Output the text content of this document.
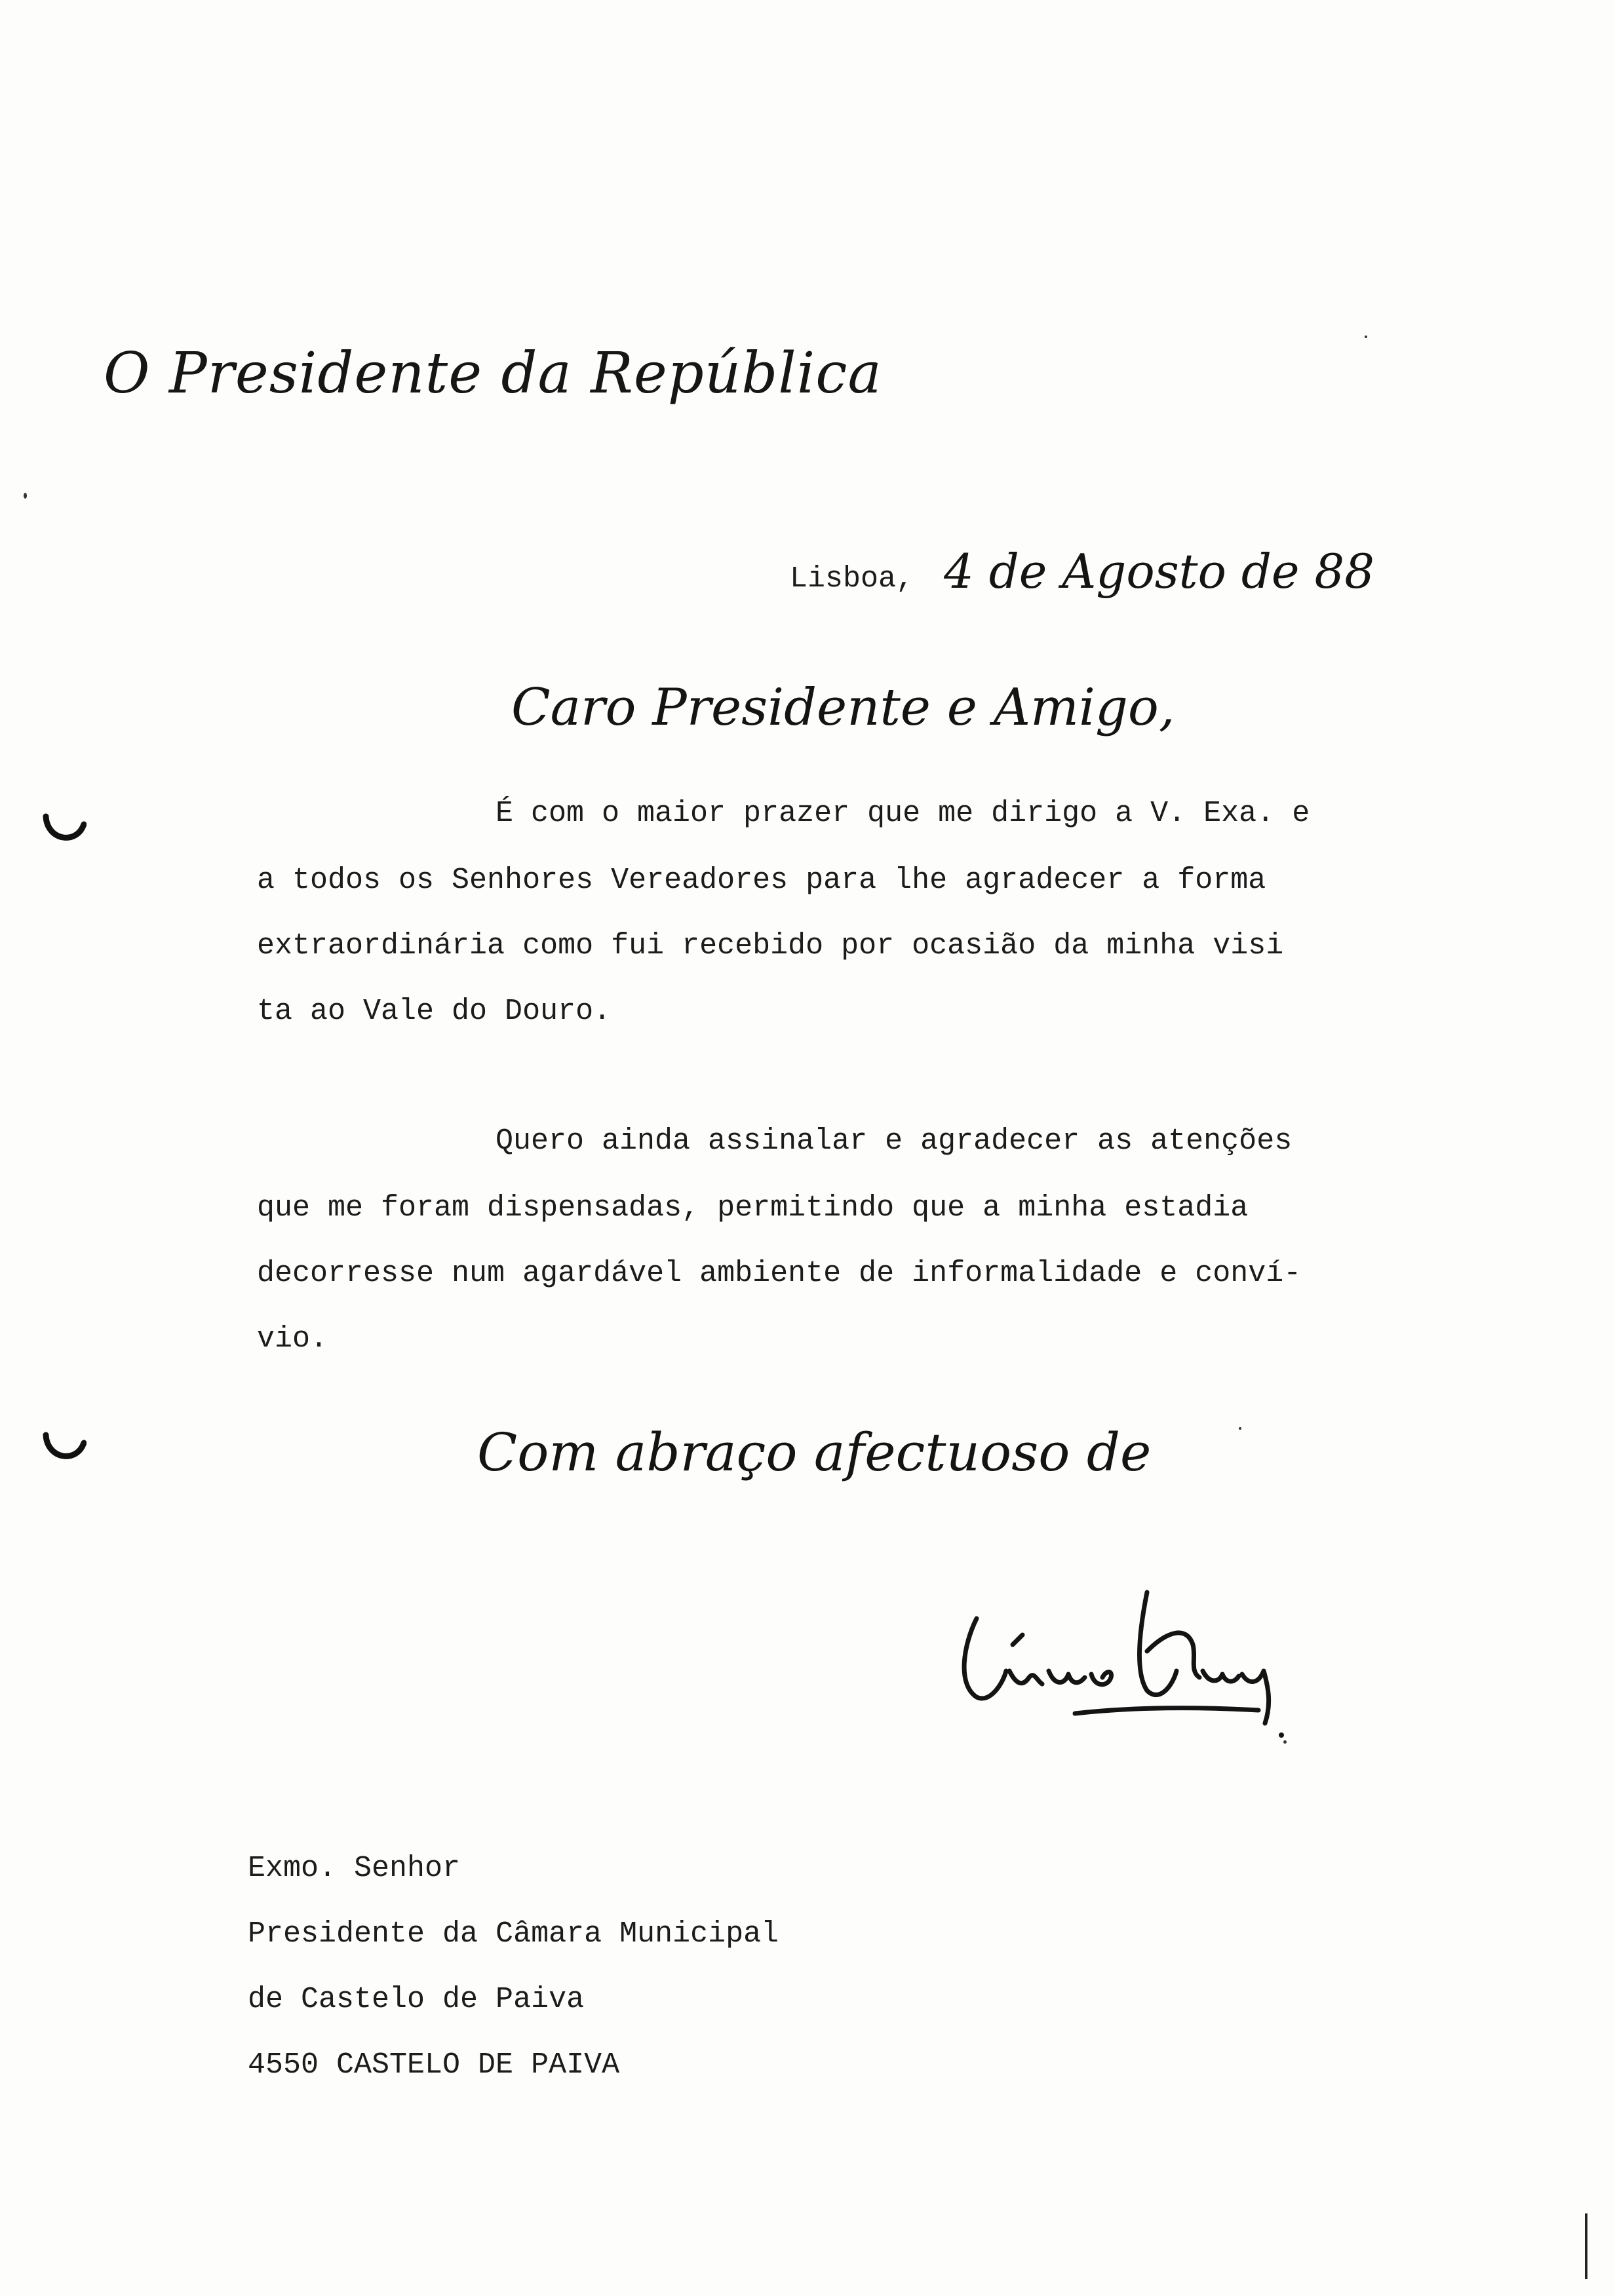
O Presidente da República
Lisboa, 4 de Agosto de 88
Caro Presidente e Amigo,
É com o maior prazer que me dirigo a V. Exa. e
a todos os Senhores Vereadores para lhe agradecer a forma
extraordinária como fui recebido por ocasião da minha visi
ta ao Vale do Douro.
Quero ainda assinalar e agradecer as atenções
que me foram dispensadas, permitindo que a minha estadia
decorresse num agardável ambiente de informalidade e conví-
vio.
Com abraço afectuoso de
Exmo. Senhor
Presidente da Câmara Municipal
de Castelo de Paiva
4550 CASTELO DE PAIVA
